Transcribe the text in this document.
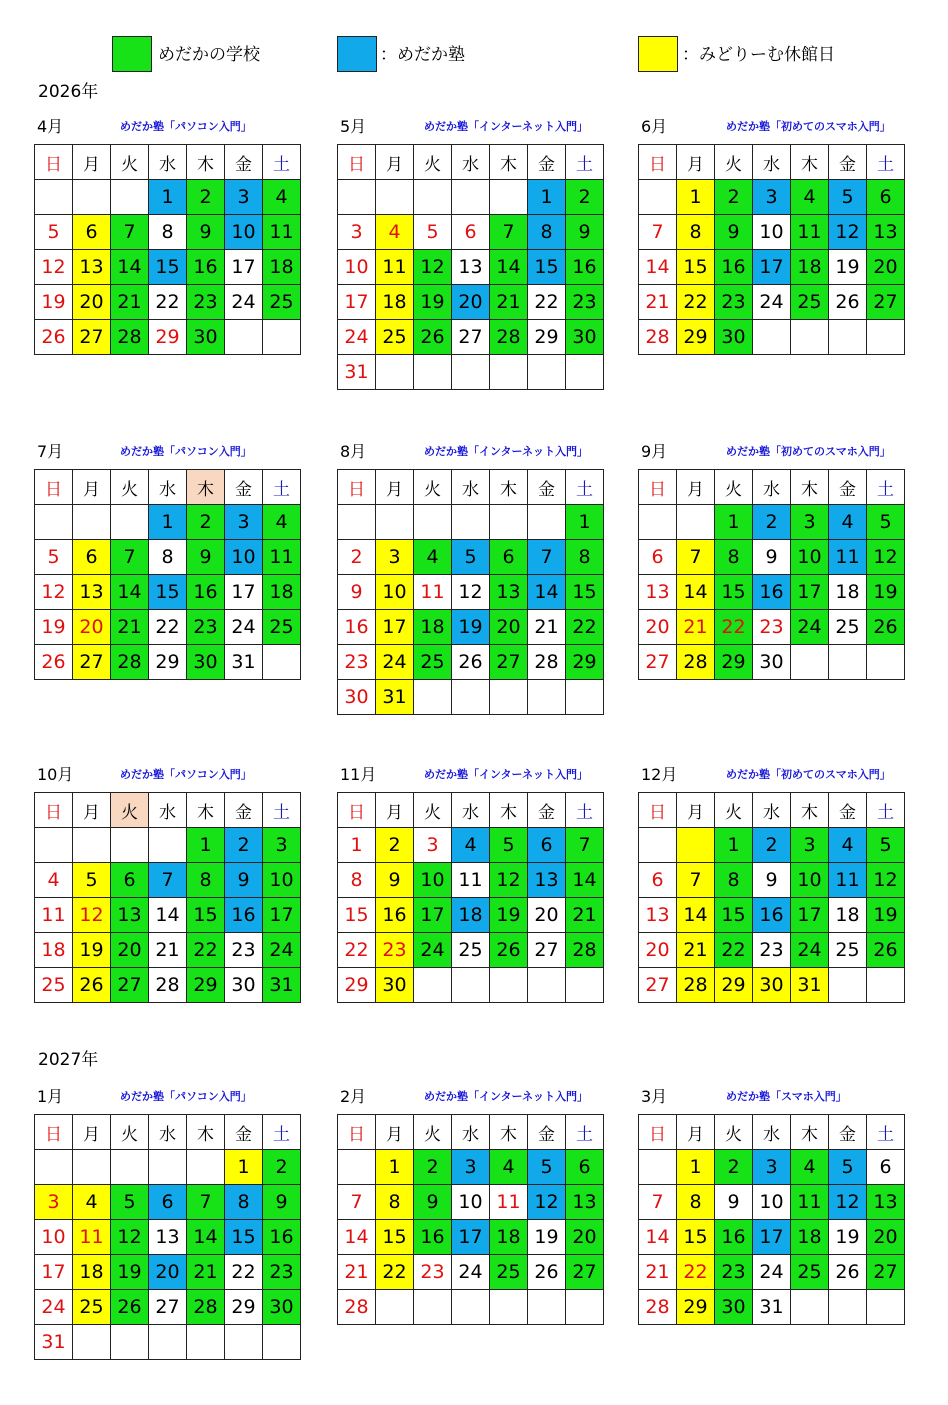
めだかの学校	：めだか塾	：みどりーむ休館日
2026年
2027年
4月	めだか塾「パソコン入門」
日	月	火	水	木	金	土
			1	2	3	4
5	6	7	8	9	10	11
12	13	14	15	16	17	18
19	20	21	22	23	24	25
26	27	28	29	30		
5月	めだか塾「インターネット入門」
日	月	火	水	木	金	土
					1	2
3	4	5	6	7	8	9
10	11	12	13	14	15	16
17	18	19	20	21	22	23
24	25	26	27	28	29	30
31						
6月	めだか塾「初めてのスマホ入門」
日	月	火	水	木	金	土
	1	2	3	4	5	6
7	8	9	10	11	12	13
14	15	16	17	18	19	20
21	22	23	24	25	26	27
28	29	30				
7月	めだか塾「パソコン入門」
日	月	火	水	木	金	土
			1	2	3	4
5	6	7	8	9	10	11
12	13	14	15	16	17	18
19	20	21	22	23	24	25
26	27	28	29	30	31	
8月	めだか塾「インターネット入門」
日	月	火	水	木	金	土
						1
2	3	4	5	6	7	8
9	10	11	12	13	14	15
16	17	18	19	20	21	22
23	24	25	26	27	28	29
30	31					
9月	めだか塾「初めてのスマホ入門」
日	月	火	水	木	金	土
		1	2	3	4	5
6	7	8	9	10	11	12
13	14	15	16	17	18	19
20	21	22	23	24	25	26
27	28	29	30			
10月	めだか塾「パソコン入門」
日	月	火	水	木	金	土
				1	2	3
4	5	6	7	8	9	10
11	12	13	14	15	16	17
18	19	20	21	22	23	24
25	26	27	28	29	30	31
11月	めだか塾「インターネット入門」
日	月	火	水	木	金	土
1	2	3	4	5	6	7
8	9	10	11	12	13	14
15	16	17	18	19	20	21
22	23	24	25	26	27	28
29	30					
12月	めだか塾「初めてのスマホ入門」
日	月	火	水	木	金	土
		1	2	3	4	5
6	7	8	9	10	11	12
13	14	15	16	17	18	19
20	21	22	23	24	25	26
27	28	29	30	31		
1月	めだか塾「パソコン入門」
日	月	火	水	木	金	土
					1	2
3	4	5	6	7	8	9
10	11	12	13	14	15	16
17	18	19	20	21	22	23
24	25	26	27	28	29	30
31						
2月	めだか塾「インターネット入門」
日	月	火	水	木	金	土
	1	2	3	4	5	6
7	8	9	10	11	12	13
14	15	16	17	18	19	20
21	22	23	24	25	26	27
28						
3月	めだか塾「スマホ入門」
日	月	火	水	木	金	土
	1	2	3	4	5	6
7	8	9	10	11	12	13
14	15	16	17	18	19	20
21	22	23	24	25	26	27
28	29	30	31			
